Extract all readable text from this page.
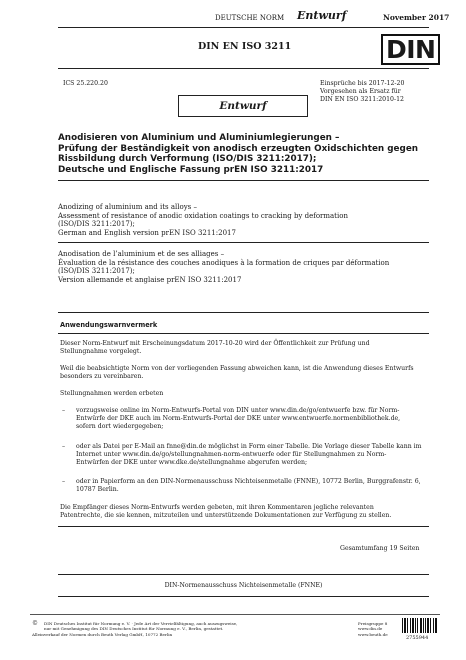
DEUTSCHE NORM Entwurf	November 2017
DIN EN ISO 3211	DIN
ICS 25.220.20	Einsprüche bis 2017-12-20
Vorgesehen als Ersatz für
DIN EN ISO 3211:2010-12
Entwurf
Anodisieren von Aluminium und Aluminiumlegierungen –
Prüfung der Beständigkeit von anodisch erzeugten Oxidschichten gegen
Rissbildung durch Verformung (ISO/DIS 3211:2017);
Deutsche und Englische Fassung prEN ISO 3211:2017
Anodizing of aluminium and its alloys –
Assessment of resistance of anodic oxidation coatings to cracking by deformation
(ISO/DIS 3211:2017);
German and English version prEN ISO 3211:2017
Anodisation de l’aluminium et de ses alliages –
Évaluation de la résistance des couches anodiques à la formation de criques par déformation
(ISO/DIS 3211:2017);
Version allemande et anglaise prEN ISO 3211:2017
Anwendungswarnvermerk
Dieser Norm-Entwurf mit Erscheinungsdatum 2017-10-20 wird der Öffentlichkeit zur Prüfung und
Stellungnahme vorgelegt.
Weil die beabsichtigte Norm von der vorliegenden Fassung abweichen kann, ist die Anwendung dieses Entwurfs
besonders zu vereinbaren.
Stellungnahmen werden erbeten
– vorzugsweise online im Norm-Entwurfs-Portal von DIN unter www.din.de/go/entwuerfe bzw. für Norm-
Entwürfe der DKE auch im Norm-Entwurfs-Portal der DKE unter www.entwuerfe.normenbibliothek.de,
sofern dort wiedergegeben;
– oder als Datei per E-Mail an fnne@din.de möglichst in Form einer Tabelle. Die Vorlage dieser Tabelle kann im
Internet unter www.din.de/go/stellungnahmen-norm-entwuerfe oder für Stellungnahmen zu Norm-
Entwürfen der DKE unter www.dke.de/stellungnahme abgerufen werden;
– oder in Papierform an den DIN-Normenausschuss Nichteisenmetalle (FNNE), 10772 Berlin, Burggrafenstr. 6,
10787 Berlin.
Die Empfänger dieses Norm-Entwurfs werden gebeten, mit ihren Kommentaren jegliche relevanten
Patentrechte, die sie kennen, mitzuteilen und unterstützende Dokumentationen zur Verfügung zu stellen.
Gesamtumfang 19 Seiten
DIN-Normenausschuss Nichteisenmetalle (FNNE)
© DIN Deutsches Institut für Normung e. V. · Jede Art der Vervielfältigung, auch auszugsweise,
nur mit Genehmigung des DIN Deutsches Institut für Normung e. V., Berlin, gestattet.
Alleinverkauf der Normen durch Beuth Verlag GmbH, 10772 Berlin
Preisgruppe 8
www.din.de
www.beuth.de
2755944
